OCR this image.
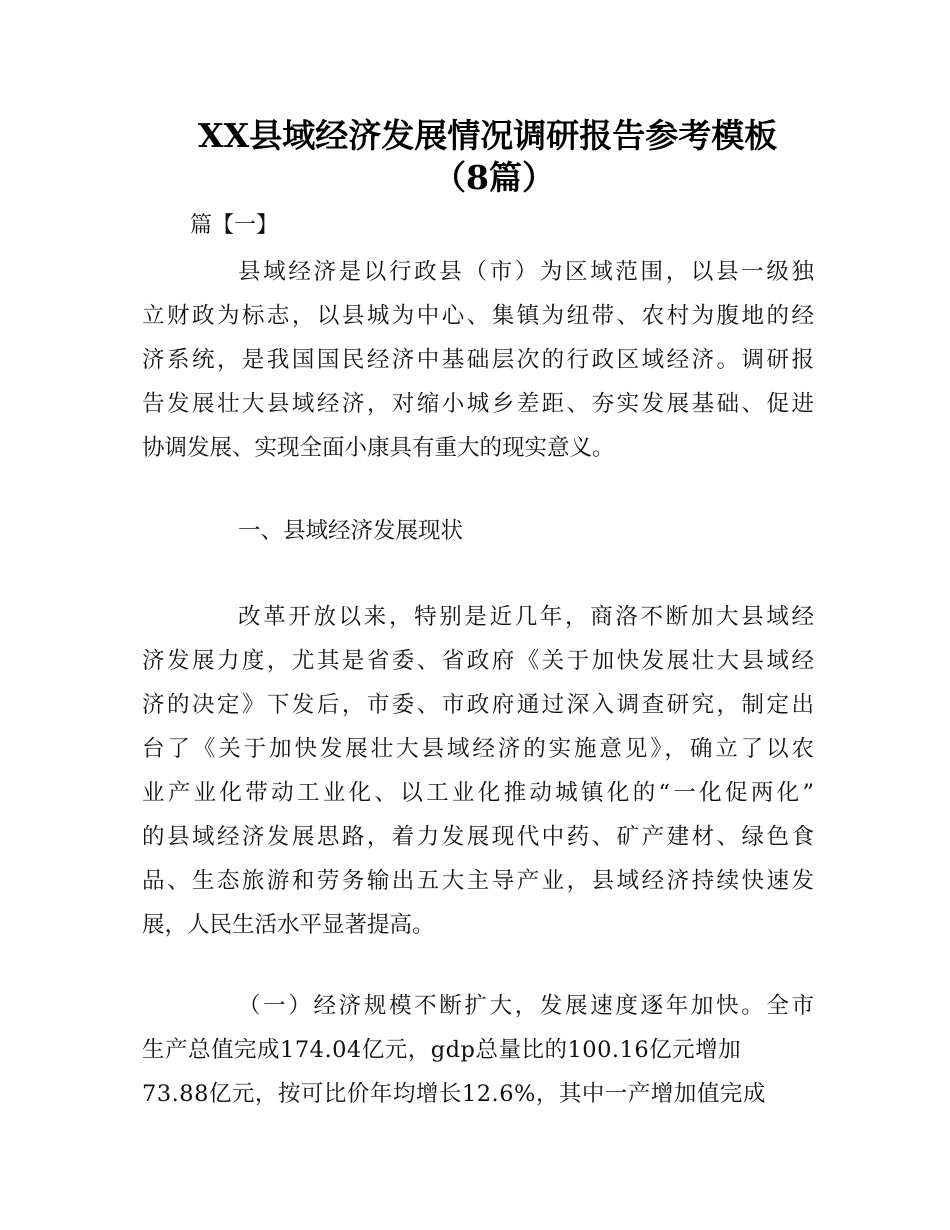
XX县域经济发展情况调研报告参考模板
（8篇）
篇【一】
县域经济是以行政县（市）为区域范围，以县一级独
立财政为标志，以县城为中心、集镇为纽带、农村为腹地的经
济系统，是我国国民经济中基础层次的行政区域经济。调研报
告发展壮大县域经济，对缩小城乡差距、夯实发展基础、促进
协调发展、实现全面小康具有重大的现实意义。
一、县域经济发展现状
改革开放以来，特别是近几年，商洛不断加大县域经
济发展力度，尤其是省委、省政府《关于加快发展壮大县域经
济的决定》下发后，市委、市政府通过深入调查研究，制定出
台了《关于加快发展壮大县域经济的实施意见》，确立了以农
业产业化带动工业化、以工业化推动城镇化的“一化促两化”
的县域经济发展思路，着力发展现代中药、矿产建材、绿色食
品、生态旅游和劳务输出五大主导产业，县域经济持续快速发
展，人民生活水平显著提高。
（一）经济规模不断扩大，发展速度逐年加快。全市
生产总值完成174.04亿元，gdp总量比的100.16亿元增加
73.88亿元，按可比价年均增长12.6%，其中一产增加值完成
